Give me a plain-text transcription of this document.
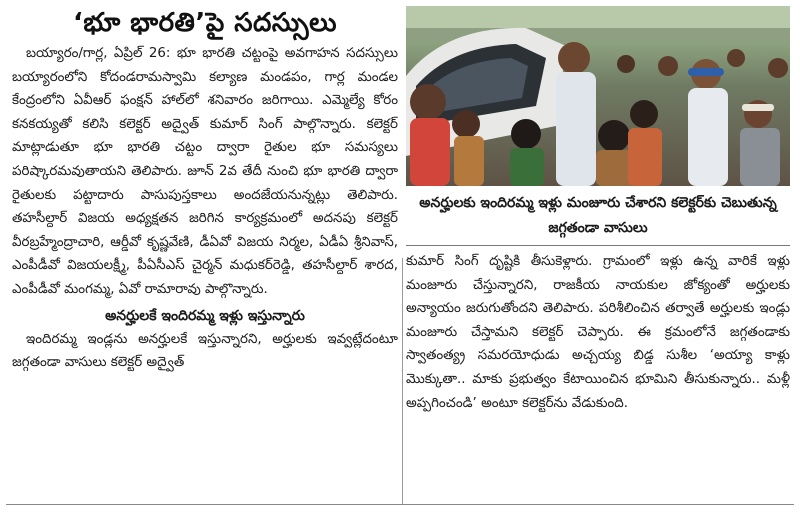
‘భూ భారతి’పై సదస్సులు

బయ్యారం/గార్ల, ఏప్రిల్ 26: భూ భారతి చట్టంపై అవగాహన సదస్సులు బయ్యారంలోని కోదండరామస్వామి కల్యాణ మండపం, గార్ల మండల కేంద్రంలోని ఏవీఆర్ ఫంక్షన్ హాల్‌లో శనివారం జరిగాయి. ఎమ్మెల్యే కోరం కనకయ్యతో కలిసి కలెక్టర్ అద్వైత్ కుమార్ సింగ్ పాల్గొన్నారు. కలెక్టర్ మాట్లాడుతూ భూ భారతి చట్టం ద్వారా రైతుల భూ సమస్యలు పరిష్కారమవుతాయని తెలిపారు. జూన్ 2వ తేదీ నుంచి భూ భారతి ద్వారా రైతులకు పట్టాదారు పాసుపుస్తకాలు అందజేయనున్నట్లు తెలిపారు. తహసీల్దార్ విజయ అధ్యక్షతన జరిగిన కార్యక్రమంలో అదనపు కలెక్టర్ వీరబ్రహ్మేంద్రాచారి, ఆర్డీవో కృష్ణవేణి, డీఏవో విజయ నిర్మల, ఏడీఏ శ్రీనివాస్, ఎంపీడీవో విజయలక్ష్మీ, పీఏసీఎస్ చైర్మన్ మధుకర్‌రెడ్డి, తహసీల్దార్ శారద, ఎంపీడీవో మంగమ్మ, ఏవో రామారావు పాల్గొన్నారు.

అనర్హులకే ఇందిరమ్మ ఇళ్లు ఇస్తున్నారు

ఇందిరమ్మ ఇండ్లను అనర్హులకే ఇస్తున్నారని, అర్హులకు ఇవ్వట్లేదంటూ జగ్గతండా వాసులు కలెక్టర్ అద్వైత్

అనర్హులకు ఇందిరమ్మ ఇళ్లు మంజూరు చేశారని కలెక్టర్‌కు చెబుతున్న జగ్గతండా వాసులు

కుమార్ సింగ్ దృష్టికి తీసుకెళ్లారు. గ్రామంలో ఇళ్లు ఉన్న వారికే ఇళ్లు మంజూరు చేస్తున్నారని, రాజకీయ నాయకుల జోక్యంతో అర్హులకు అన్యాయం జరుగుతోందని తెలిపారు. పరిశీలించిన తర్వాతే అర్హులకు ఇండ్లు మంజూరు చేస్తామని కలెక్టర్ చెప్పారు. ఈ క్రమంలోనే జగ్గతండాకు స్వాతంత్య్ర సమరయోధుడు అచ్చయ్య బిడ్డ సుశీల ‘అయ్యా కాళ్లు మొక్కుతా.. మాకు ప్రభుత్వం కేటాయించిన భూమిని తీసుకున్నారు.. మళ్లీ అప్పగించండి’ అంటూ కలెక్టర్‌ను వేడుకుంది.
